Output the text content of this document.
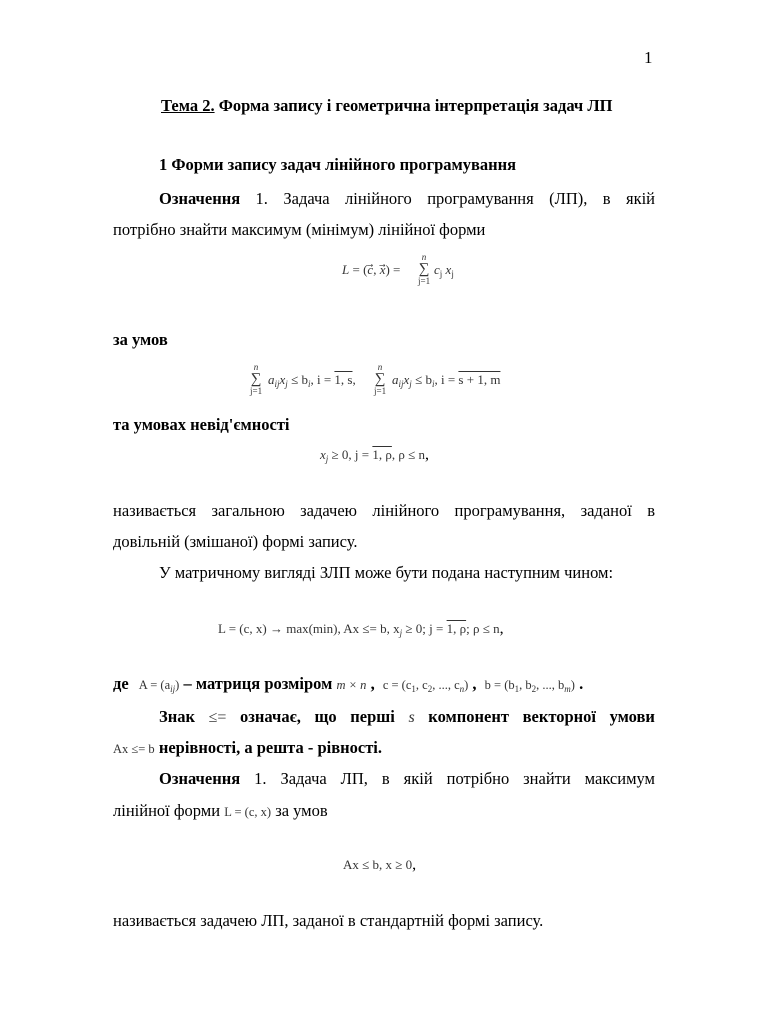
1
Тема 2. Форма запису і геометрична інтерпретація задач ЛП
1 Форми запису задач лінійного програмування
Означення 1. Задача лінійного програмування (ЛП), в якій
потрібно знайти максимум (мінімум) лінійної форми
L = (c⃗, x⃗) =
n
∑
j=1
$c_j$ $x_j$
за умов
n
∑
j=1
$a_{ij}x_j \le b_i$, i = 1, s,
n
∑
j=1
$a_{ij}x_j \le b_i$, i = s + 1, m
та умовах невід'ємності
$x_j \ge 0$, j = 1, ρ, ρ ≤ n,
називається загальною задачею лінійного програмування, заданої в
довільній (змішаної) формі запису.
У матричному вигляді ЗЛП може бути подана наступним чином:
L = (c, x) → max(min), Ax ≤= b, $x_j \ge 0$; j = 1, ρ; ρ ≤ n,
де $A = (a_{ij})$ – матриця розміром m × n , $c = (c_1$, $c_2$, ..., $c_n$) , $b = (b_1$, $b_2$, ..., $b_m$) .
Знак ≤= означає, що перші s компонент векторної умови
Ax ≤= b нерівності, а решта - рівності.
Означення 1. Задача ЛП, в якій потрібно знайти максимум
лінійної форми L = (c, x) за умов
Ax ≤ b, x ≥ 0,
називається задачею ЛП, заданої в стандартній формі запису.
